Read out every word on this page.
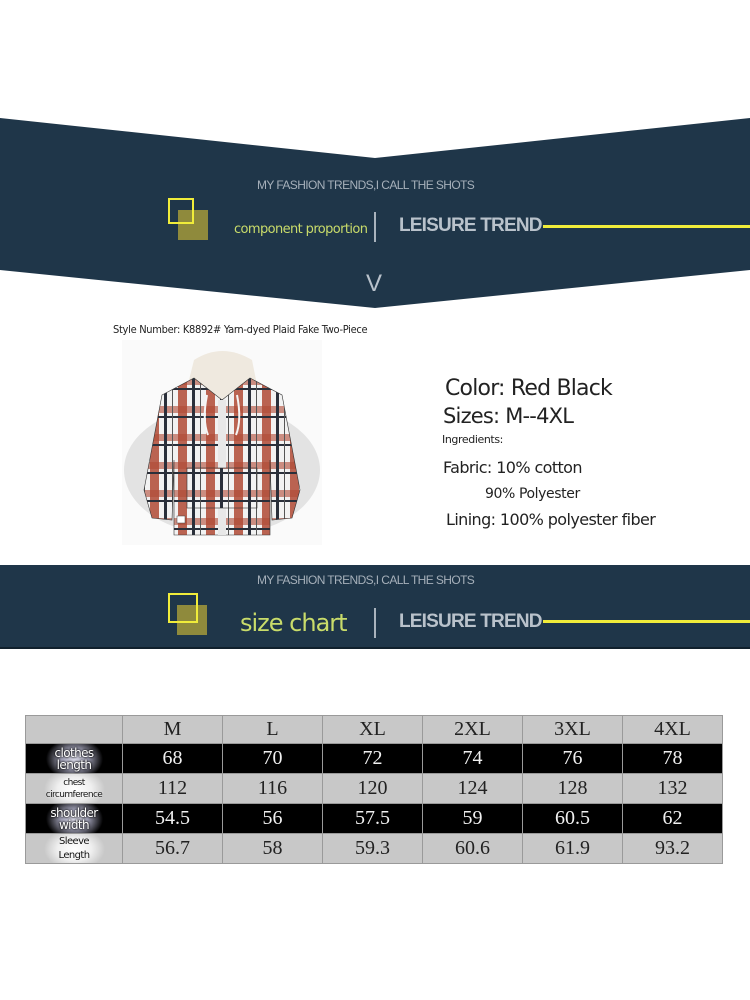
MY FASHION TRENDS,I CALL THE SHOTS
component proportion LEISURE TREND
V
Style Number: K8892# Yarn-dyed Plaid Fake Two-Piece
Color: Red Black
Sizes: M--4XL
Ingredients:
Fabric: 10% cotton
90% Polyester
Lining: 100% polyester fiber
MY FASHION TRENDS,I CALL THE SHOTS
size chart	LEISURE TREND
	M	L	XL	2XL	3XL	4XL

clothes
length	68	70	72	74	76	78

chest
circumference	112	116	120	124	128	132

shoulder
width	54.5	56	57.5	59	60.5	62

Sleeve
Length	56.7	58	59.3	60.6	61.9	93.2
